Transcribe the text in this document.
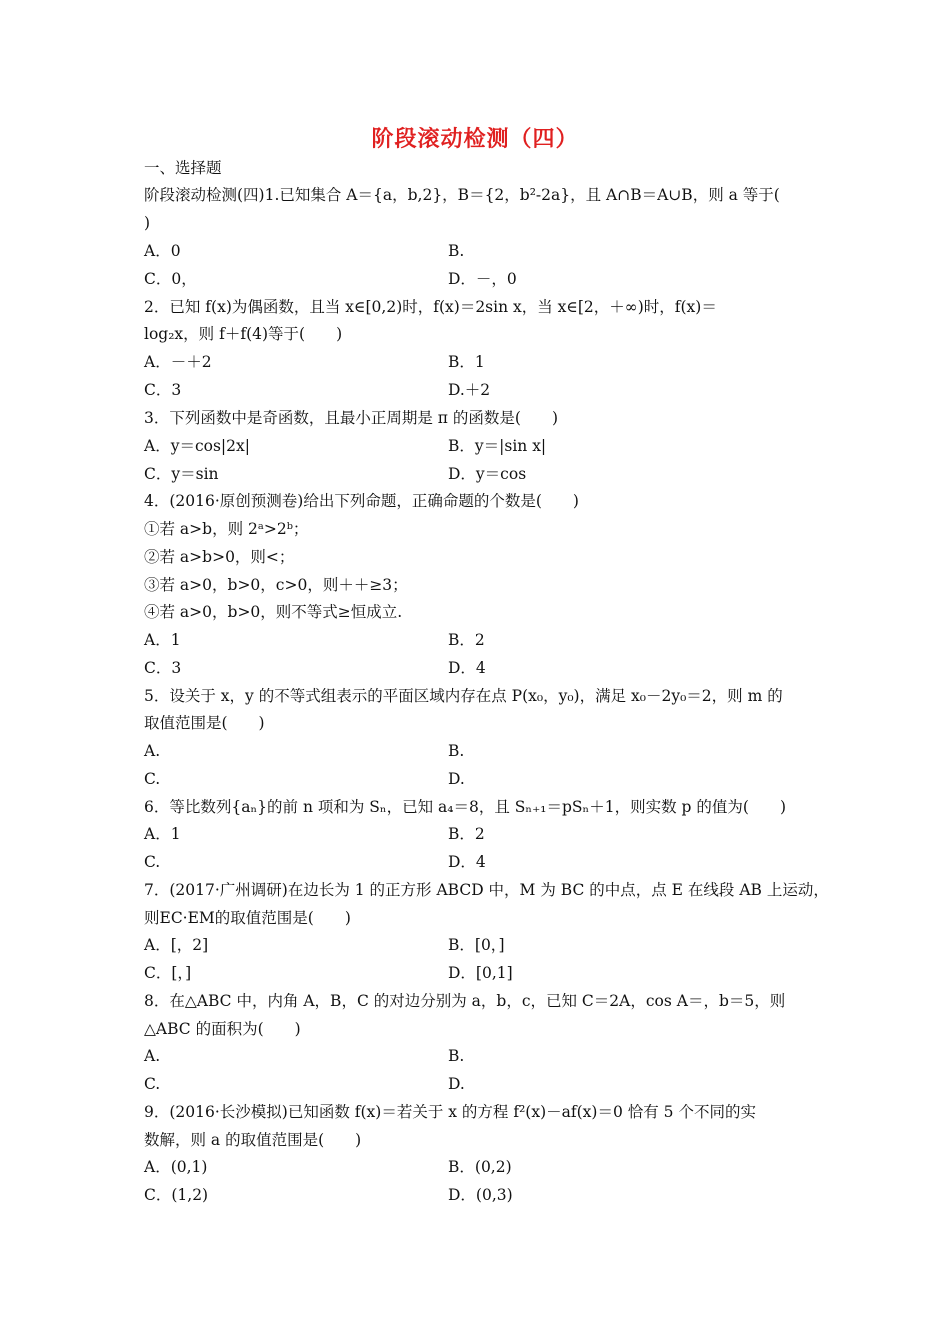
阶段滚动检测（四）
一、选择题
阶段滚动检测(四)1.已知集合 A＝{a，b,2}，B＝{2，b²-2a}，且 A∩B＝A∪B，则 a 等于(
)
A．0	B.
C．0，	D．－，0
2．已知 f(x)为偶函数，且当 x∈[0,2)时，f(x)＝2sin x，当 x∈[2，＋∞)时，f(x)＝
log₂x，则 f＋f(4)等于(　　)
A．－＋2	B．1
C．3	D.＋2
3．下列函数中是奇函数，且最小正周期是 π 的函数是(　　)
A．y＝cos|2x|	B．y＝|sin x|
C．y＝sin	D．y＝cos
4．(2016·原创预测卷)给出下列命题，正确命题的个数是(　　)
①若 a>b，则 2ᵃ>2ᵇ；
②若 a>b>0，则<；
③若 a>0，b>0，c>0，则＋＋≥3；
④若 a>0，b>0，则不等式≥恒成立.
A．1	B．2
C．3	D．4
5．设关于 x，y 的不等式组表示的平面区域内存在点 P(x₀，y₀)，满足 x₀－2y₀＝2，则 m 的
取值范围是(　　)
A.	B.
C.	D.
6．等比数列{aₙ}的前 n 项和为 Sₙ，已知 a₄＝8，且 Sₙ₊₁＝pSₙ＋1，则实数 p 的值为(　　)
A．1	B．2
C.	D．4
7．(2017·广州调研)在边长为 1 的正方形 ABCD 中，M 为 BC 的中点，点 E 在线段 AB 上运动，
则EC·EM的取值范围是(　　)
A．[，2]	B．[0，]
C．[，]	D．[0,1]
8．在△ABC 中，内角 A，B，C 的对边分别为 a，b，c，已知 C＝2A，cos A＝，b＝5，则
△ABC 的面积为(　　)
A.	B.
C.	D.
9．(2016·长沙模拟)已知函数 f(x)＝若关于 x 的方程 f²(x)－af(x)＝0 恰有 5 个不同的实
数解，则 a 的取值范围是(　　)
A．(0,1)	B．(0,2)
C．(1,2)	D．(0,3)
